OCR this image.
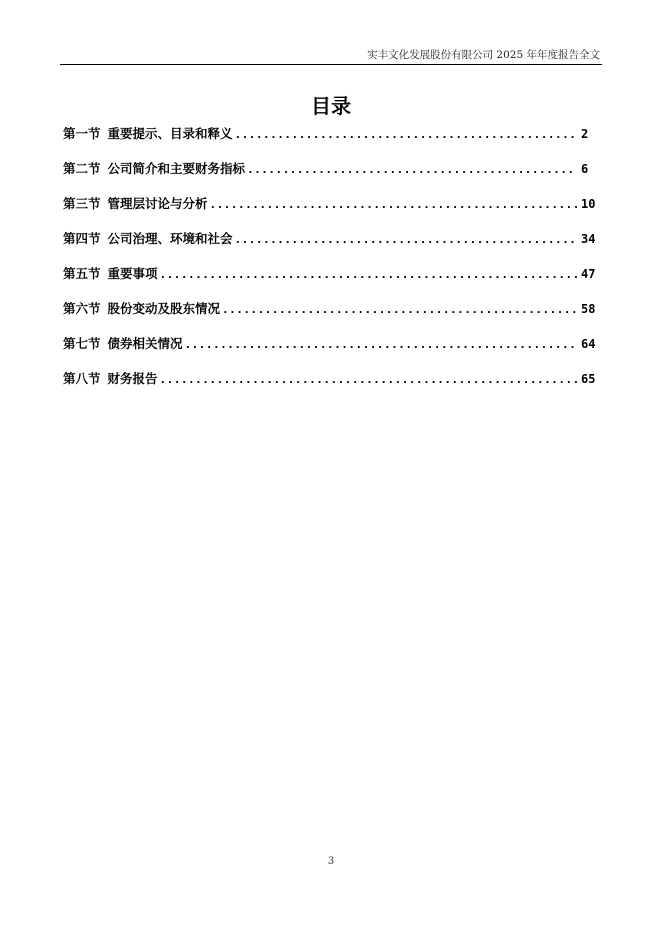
实丰文化发展股份有限公司 2025 年年度报告全文
目录
第一节 重要提示、目录和释义 .....	2
第二节 公司简介和主要财务指标 .....	6
第三节 管理层讨论与分析 .....	10
第四节 公司治理、环境和社会 .....	34
第五节 重要事项 .....	47
第六节 股份变动及股东情况 .....	58
第七节 债券相关情况 .....	64
第八节 财务报告 .....	65
3
